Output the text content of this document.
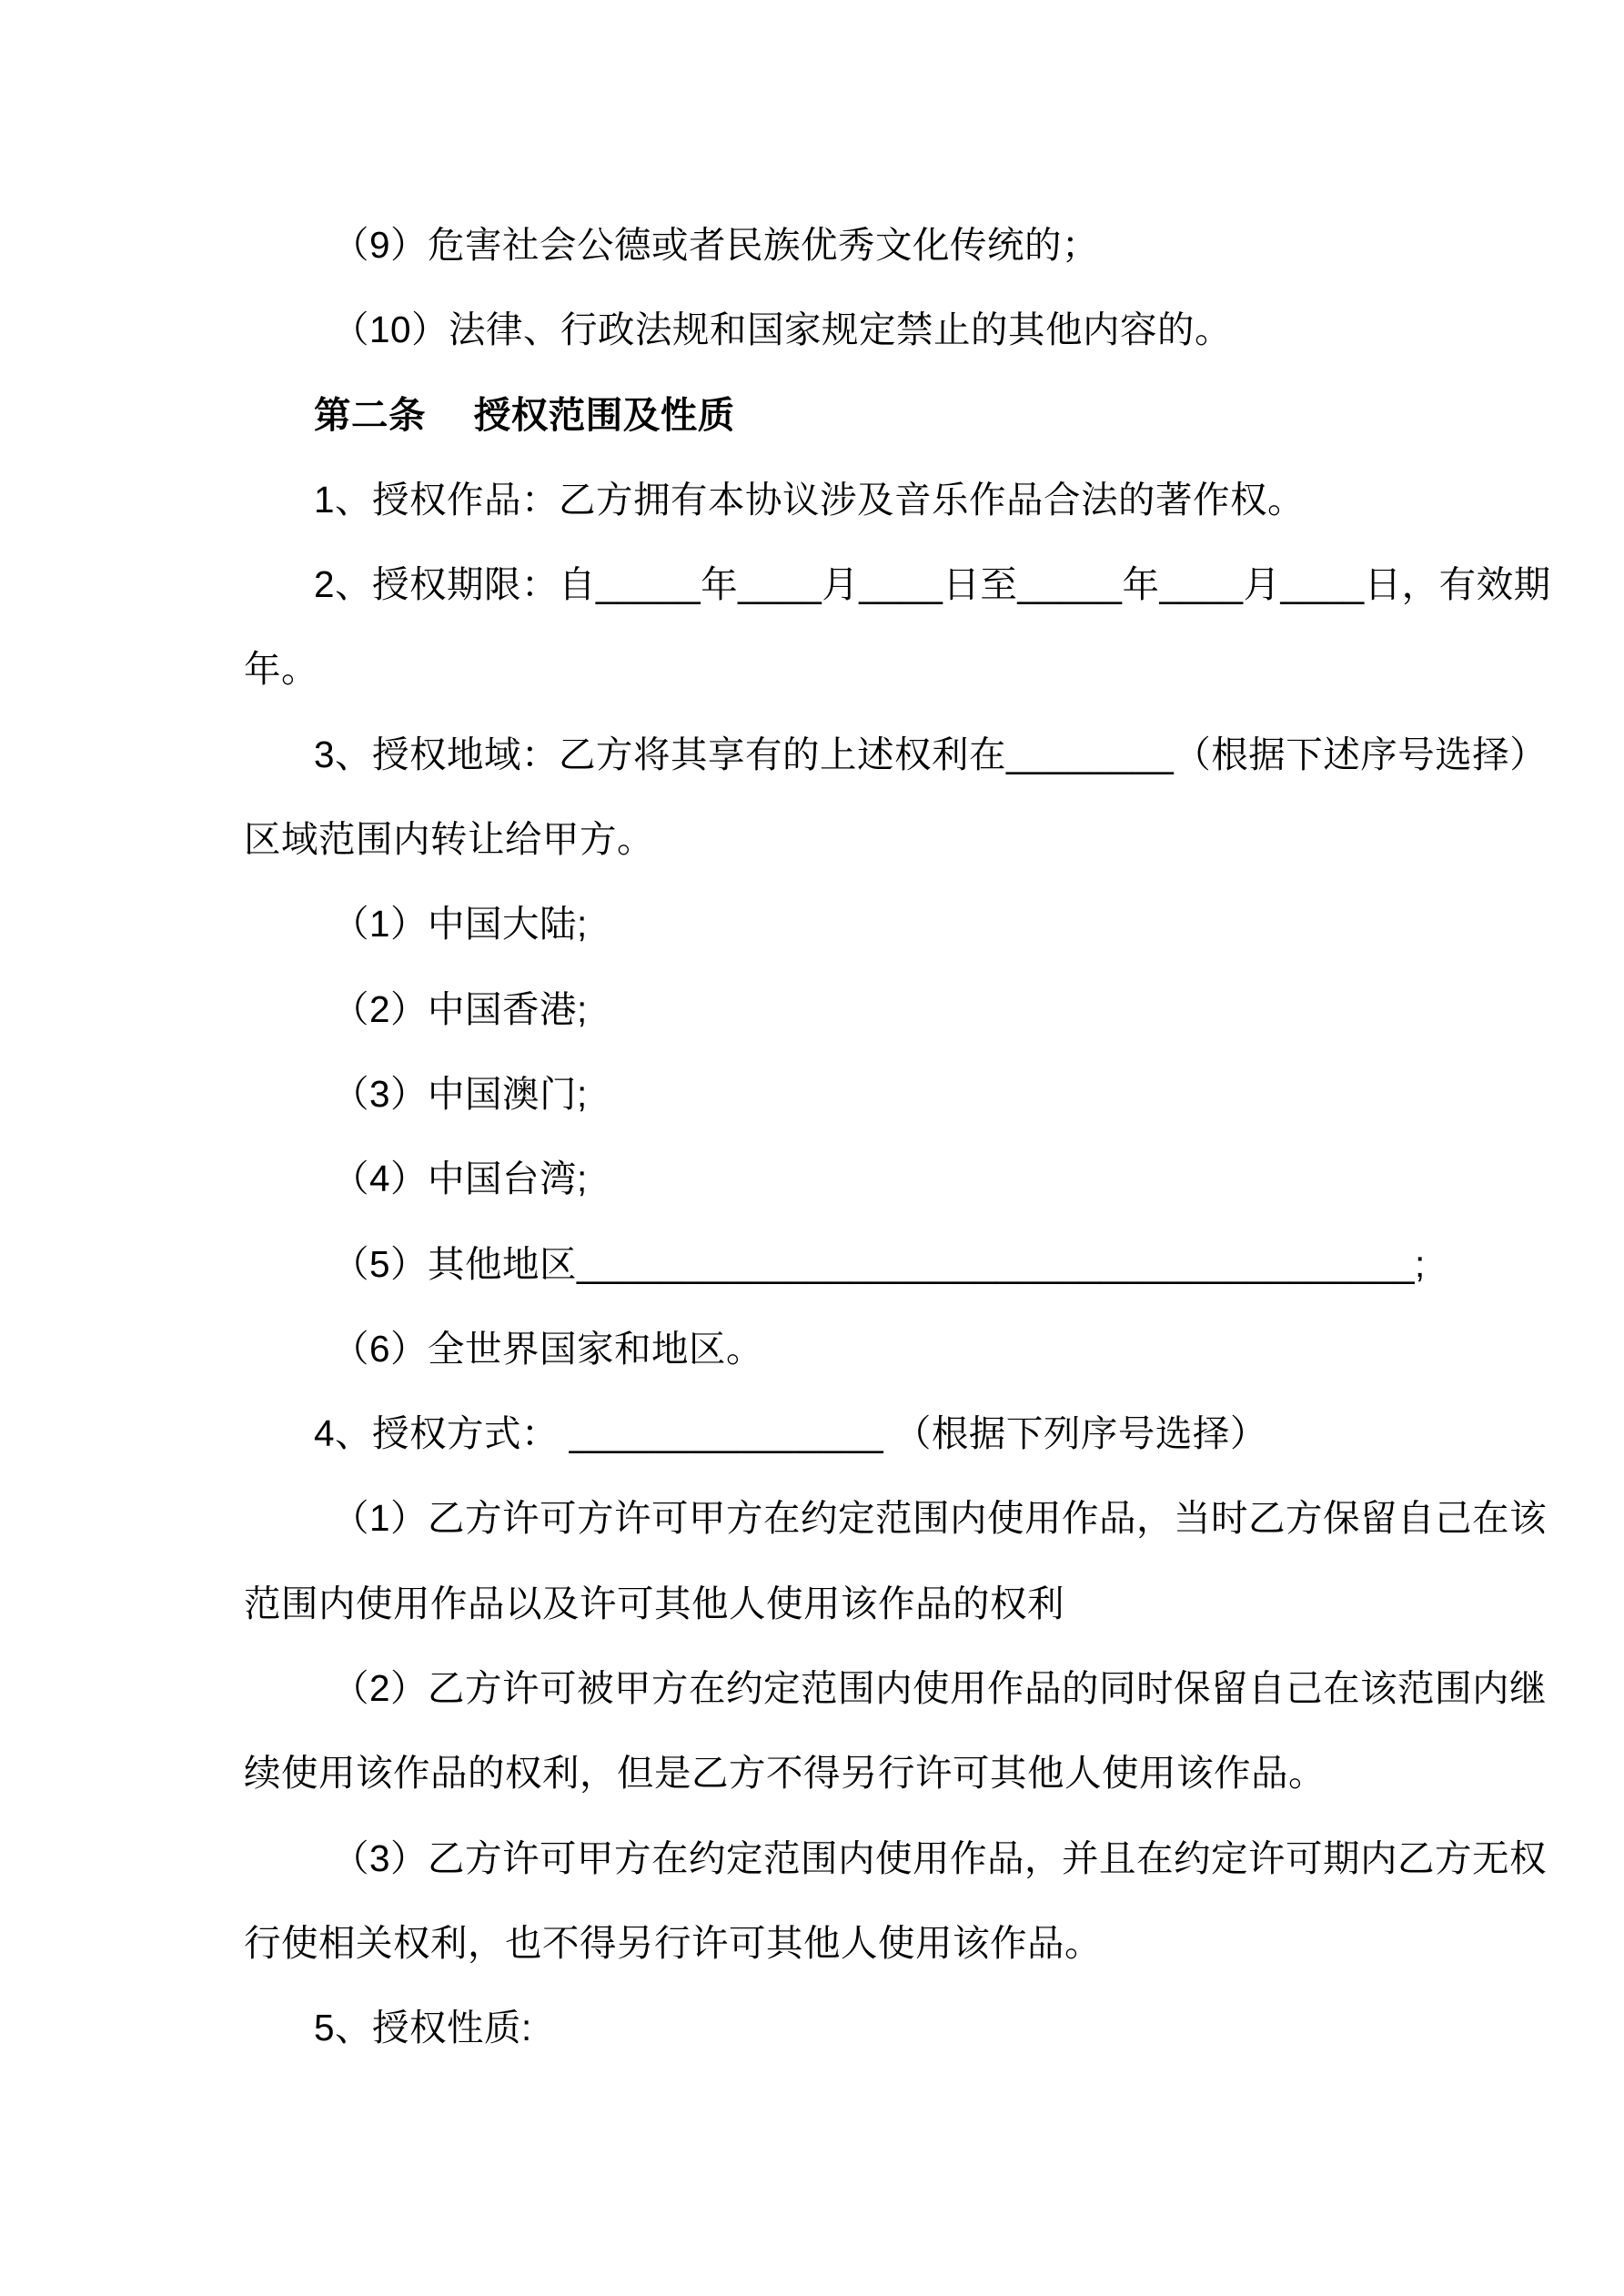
（9）危害社会公德或者民族优秀文化传统的；
（10）法律、行政法规和国家规定禁止的其他内容的。
第二条　 授权范围及性质
1、授权作品：乙方拥有本协议涉及音乐作品合法的著作权。
2、授权期限：自_____年____月____日至_____年____月____日，有效期
年。
3、授权地域：乙方将其享有的上述权利在________（根据下述序号选择）
区域范围内转让给甲方。
（1）中国大陆;
（2）中国香港;
（3）中国澳门;
（4）中国台湾;
（5）其他地区________________________________________;
（6）全世界国家和地区。
4、授权方式： _______________ （根据下列序号选择）
（1）乙方许可方许可甲方在约定范围内使用作品，当时乙方保留自己在该
范围内使用作品以及许可其他人使用该作品的权利
（2）乙方许可被甲方在约定范围内使用作品的同时保留自己在该范围内继
续使用该作品的权利，但是乙方不得另行许可其他人使用该作品。
（3）乙方许可甲方在约定范围内使用作品，并且在约定许可期内乙方无权
行使相关权利，也不得另行许可其他人使用该作品。
5、授权性质:
